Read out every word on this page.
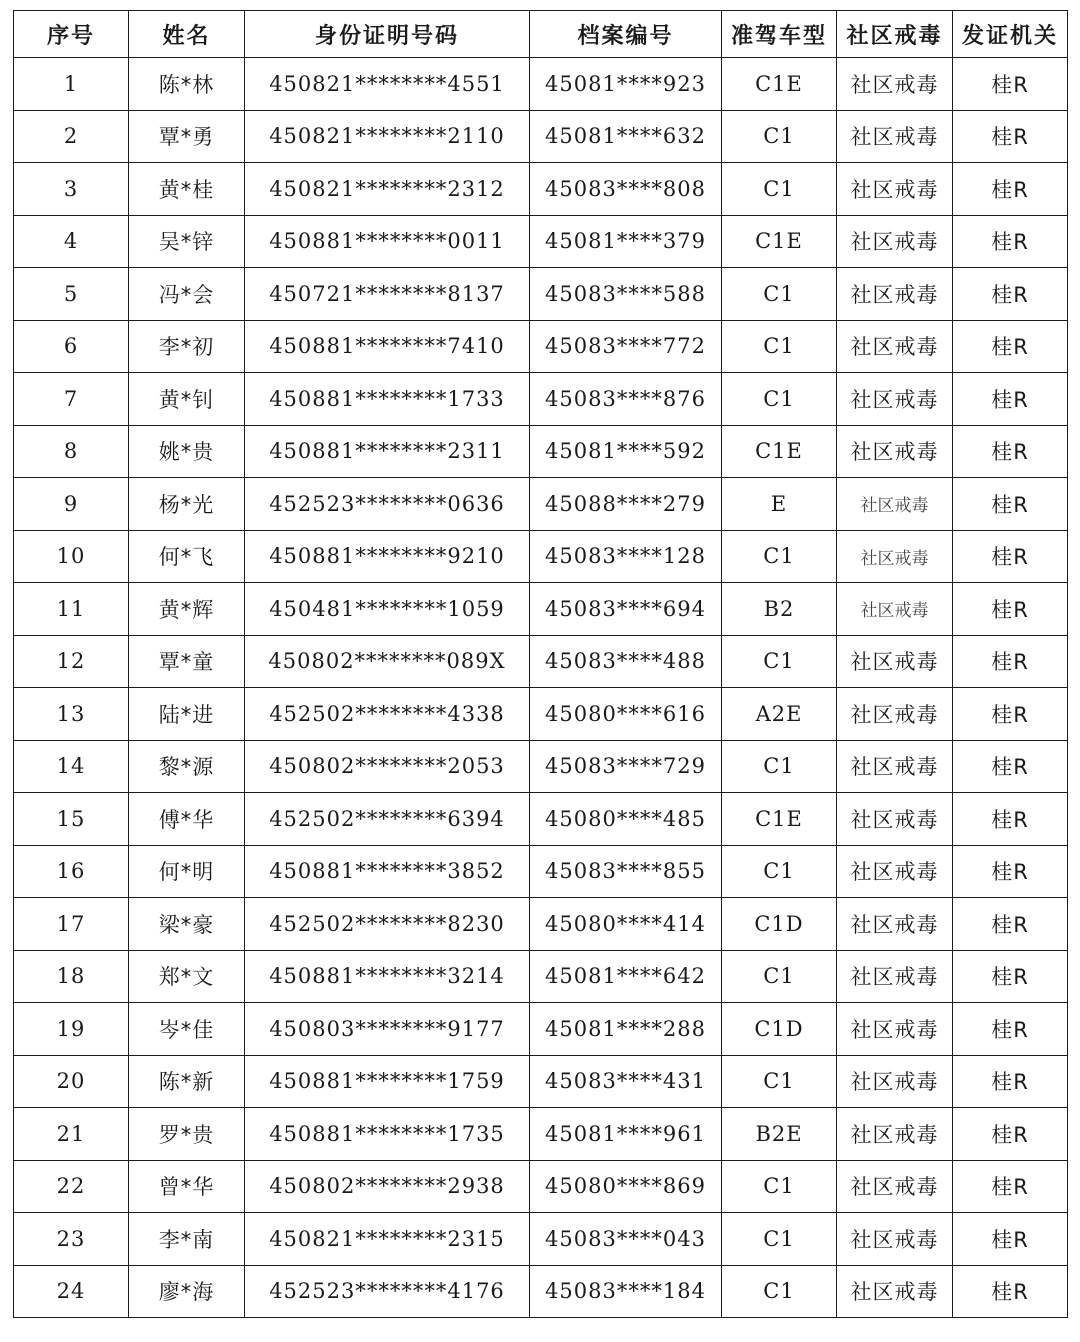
序号	姓名	身份证明号码	档案编号	准驾车型	社区戒毒	发证机关
1	陈*林	450821********4551	45081****923	C1E	社区戒毒	桂R
2	覃*勇	450821********2110	45081****632	C1	社区戒毒	桂R
3	黄*桂	450821********2312	45083****808	C1	社区戒毒	桂R
4	吴*锌	450881********0011	45081****379	C1E	社区戒毒	桂R
5	冯*会	450721********8137	45083****588	C1	社区戒毒	桂R
6	李*初	450881********7410	45083****772	C1	社区戒毒	桂R
7	黄*钊	450881********1733	45083****876	C1	社区戒毒	桂R
8	姚*贵	450881********2311	45081****592	C1E	社区戒毒	桂R
9	杨*光	452523********0636	45088****279	E	社区戒毒	桂R
10	何*飞	450881********9210	45083****128	C1	社区戒毒	桂R
11	黄*辉	450481********1059	45083****694	B2	社区戒毒	桂R
12	覃*童	450802********089X	45083****488	C1	社区戒毒	桂R
13	陆*进	452502********4338	45080****616	A2E	社区戒毒	桂R
14	黎*源	450802********2053	45083****729	C1	社区戒毒	桂R
15	傅*华	452502********6394	45080****485	C1E	社区戒毒	桂R
16	何*明	450881********3852	45083****855	C1	社区戒毒	桂R
17	梁*豪	452502********8230	45080****414	C1D	社区戒毒	桂R
18	郑*文	450881********3214	45081****642	C1	社区戒毒	桂R
19	岑*佳	450803********9177	45081****288	C1D	社区戒毒	桂R
20	陈*新	450881********1759	45083****431	C1	社区戒毒	桂R
21	罗*贵	450881********1735	45081****961	B2E	社区戒毒	桂R
22	曾*华	450802********2938	45080****869	C1	社区戒毒	桂R
23	李*南	450821********2315	45083****043	C1	社区戒毒	桂R
24	廖*海	452523********4176	45083****184	C1	社区戒毒	桂R
